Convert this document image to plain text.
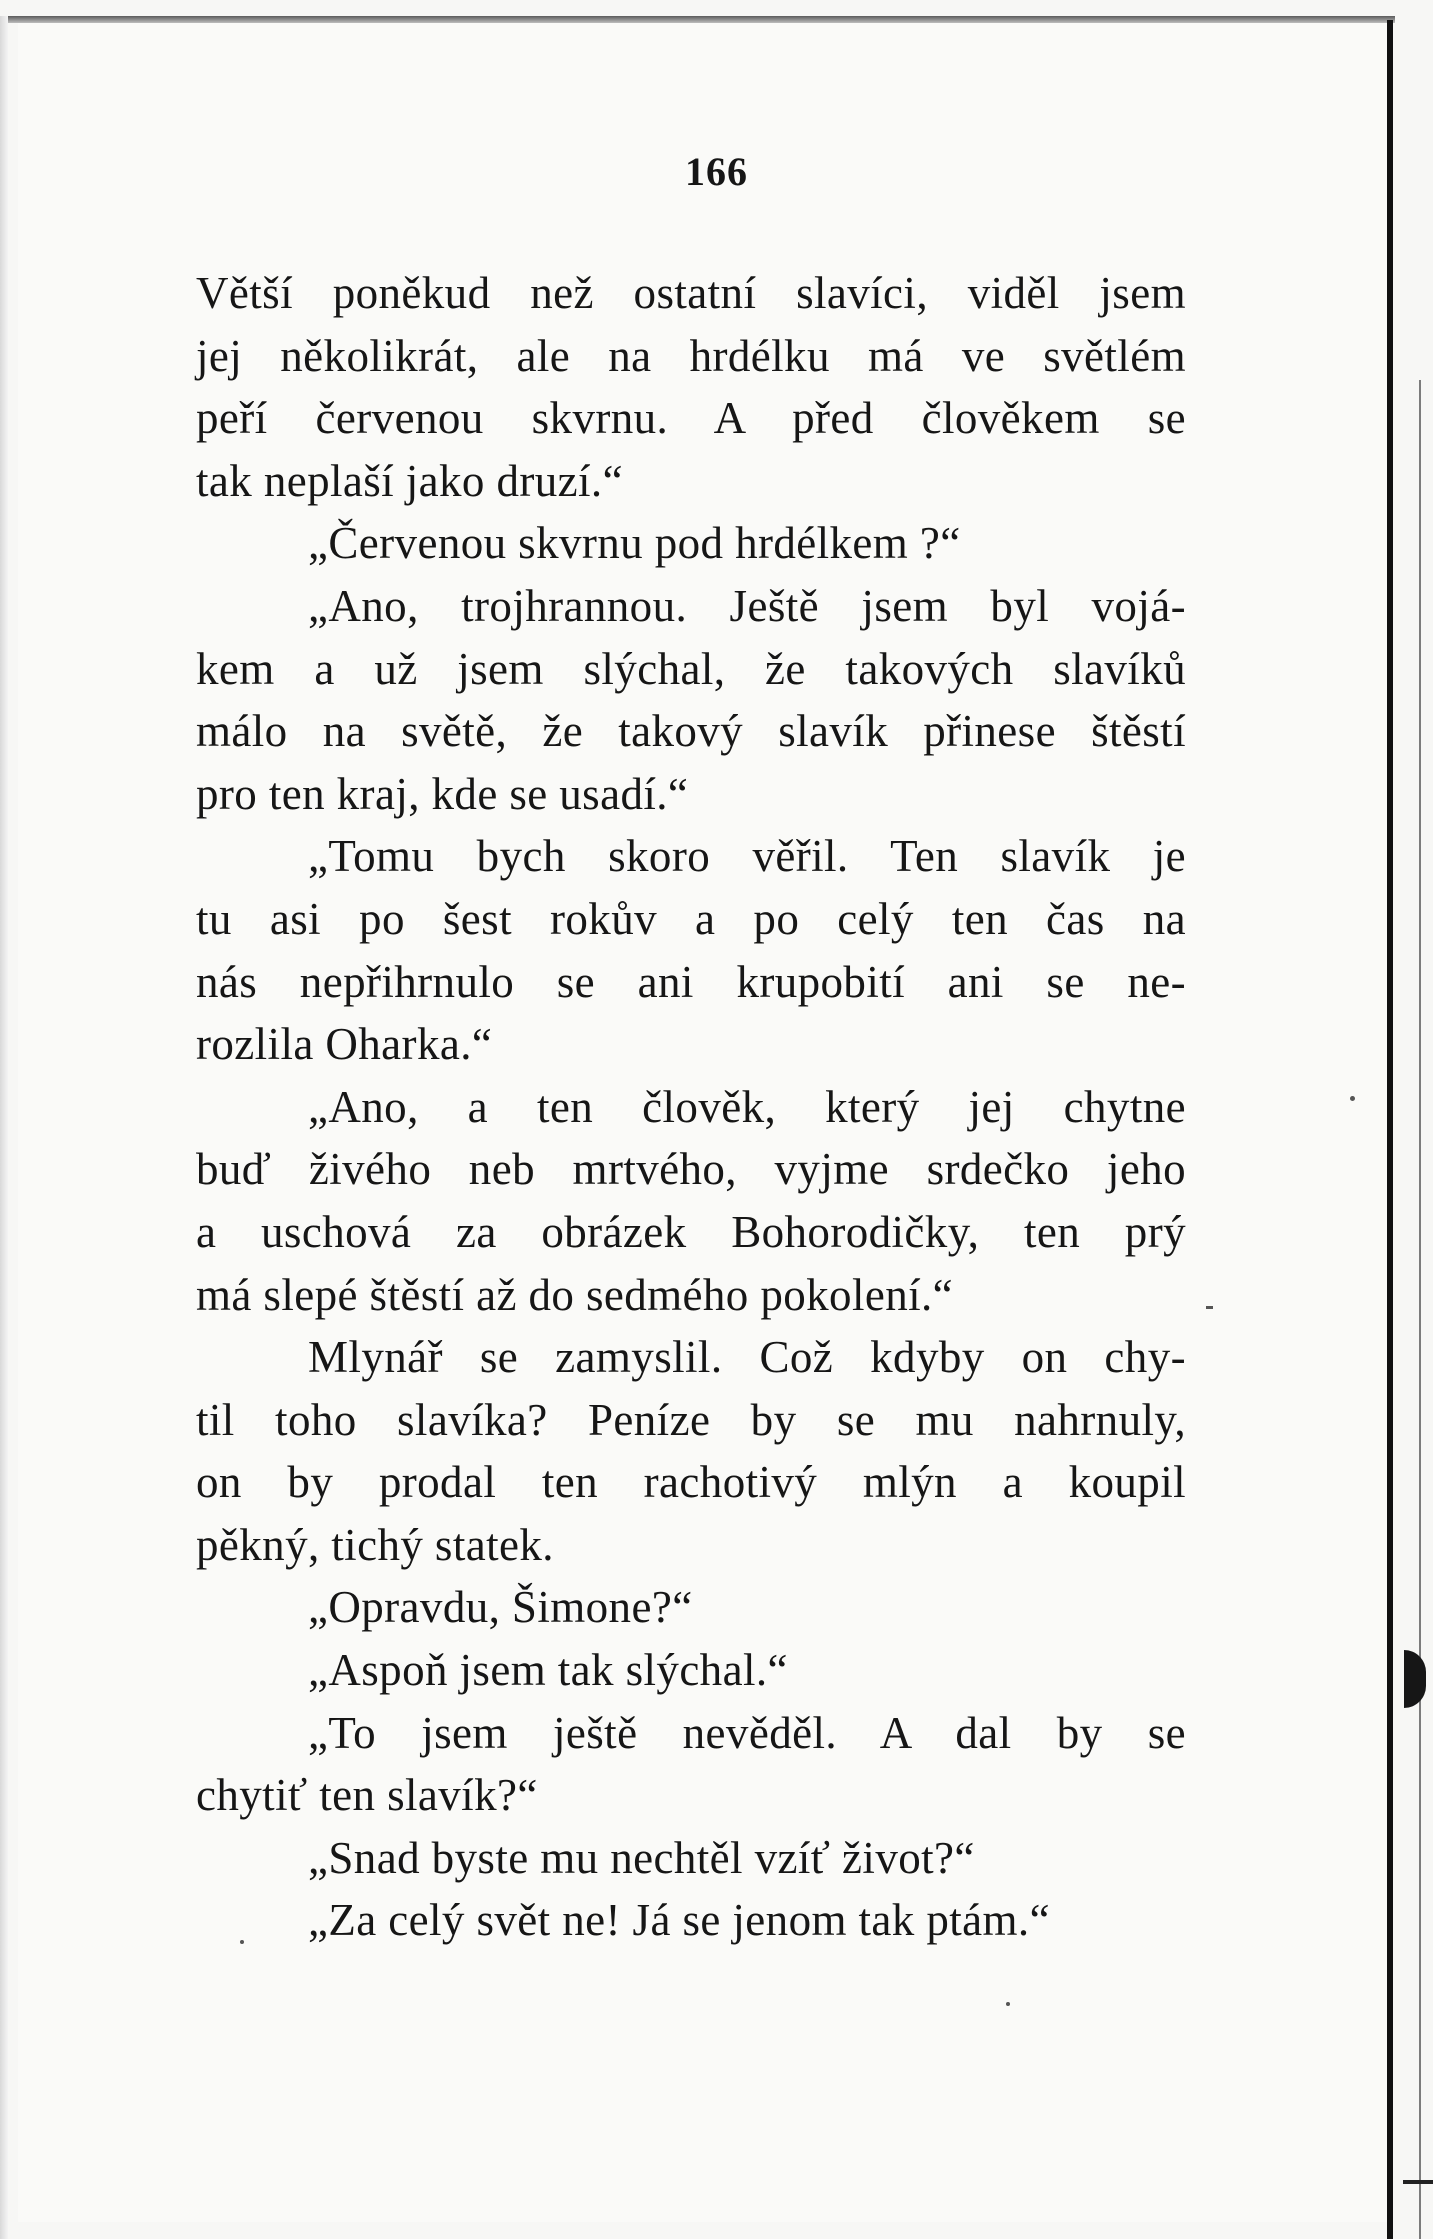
166
Větší poněkud než ostatní slavíci, viděl jsem
jej několikrát, ale na hrdélku má ve světlém
peří červenou skvrnu. A před člověkem se
tak neplaší jako druzí.“
„Červenou skvrnu pod hrdélkem ?“
„Ano, trojhrannou. Ještě jsem byl vojá-
kem a už jsem slýchal, že takových slavíků
málo na světě, že takový slavík přinese štěstí
pro ten kraj, kde se usadí.“
„Tomu bych skoro věřil. Ten slavík je
tu asi po šest rokův a po celý ten čas na
nás nepřihrnulo se ani krupobití ani se ne-
rozlila Oharka.“
„Ano, a ten člověk, který jej chytne
buď živého neb mrtvého, vyjme srdečko jeho
a uschová za obrázek Bohorodičky, ten prý
má slepé štěstí až do sedmého pokolení.“
Mlynář se zamyslil. Což kdyby on chy-
til toho slavíka? Peníze by se mu nahrnuly,
on by prodal ten rachotivý mlýn a koupil
pěkný, tichý statek.
„Opravdu, Šimone?“
„Aspoň jsem tak slýchal.“
„To jsem ještě nevěděl. A dal by se
chytiť ten slavík?“
„Snad byste mu nechtěl vzíť život?“
„Za celý svět ne! Já se jenom tak ptám.“
